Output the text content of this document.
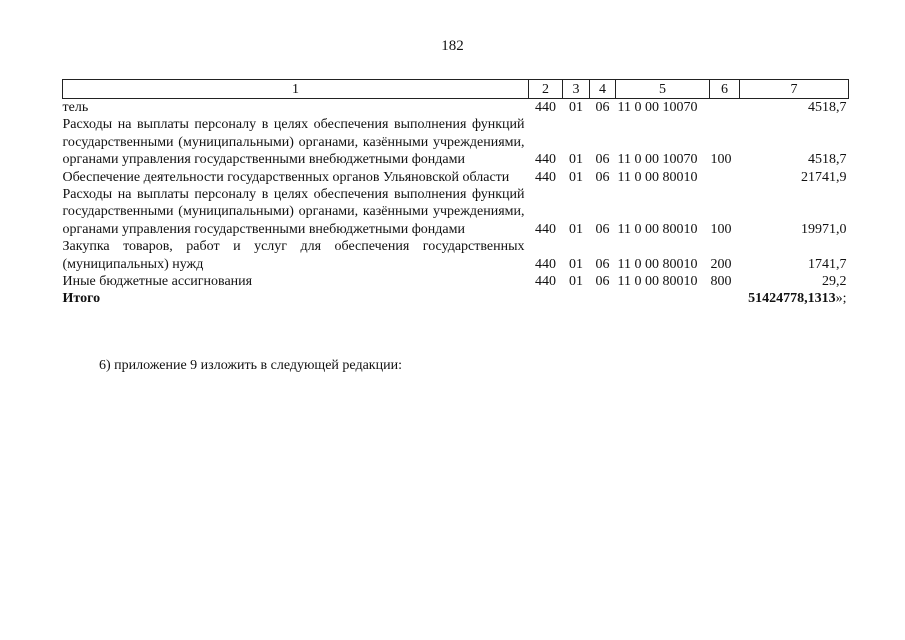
182
1	2	3	4	5	6	7
тель	440	01	06	11 0 00 10070		4518,7
Расходы на выплаты персоналу в целях обеспечения выполнения функций государственными (муниципальными) органами, казёнными учреждениями, органами управления государственными внебюджетными фондами	440	01	06	11 0 00 10070	100	4518,7
Обеспечение деятельности государственных органов Ульяновской области	440	01	06	11 0 00 80010		21741,9
Расходы на выплаты персоналу в целях обеспечения выполнения функций государственными (муниципальными) органами, казёнными учреждениями, органами управления государственными внебюджетными фондами	440	01	06	11 0 00 80010	100	19971,0
Закупка товаров, работ и услуг для обеспечения государственных (муниципальных) нужд	440	01	06	11 0 00 80010	200	1741,7
Иные бюджетные ассигнования	440	01	06	11 0 00 80010	800	29,2
Итого						51424778,1313»;
6) приложение 9 изложить в следующей редакции:
